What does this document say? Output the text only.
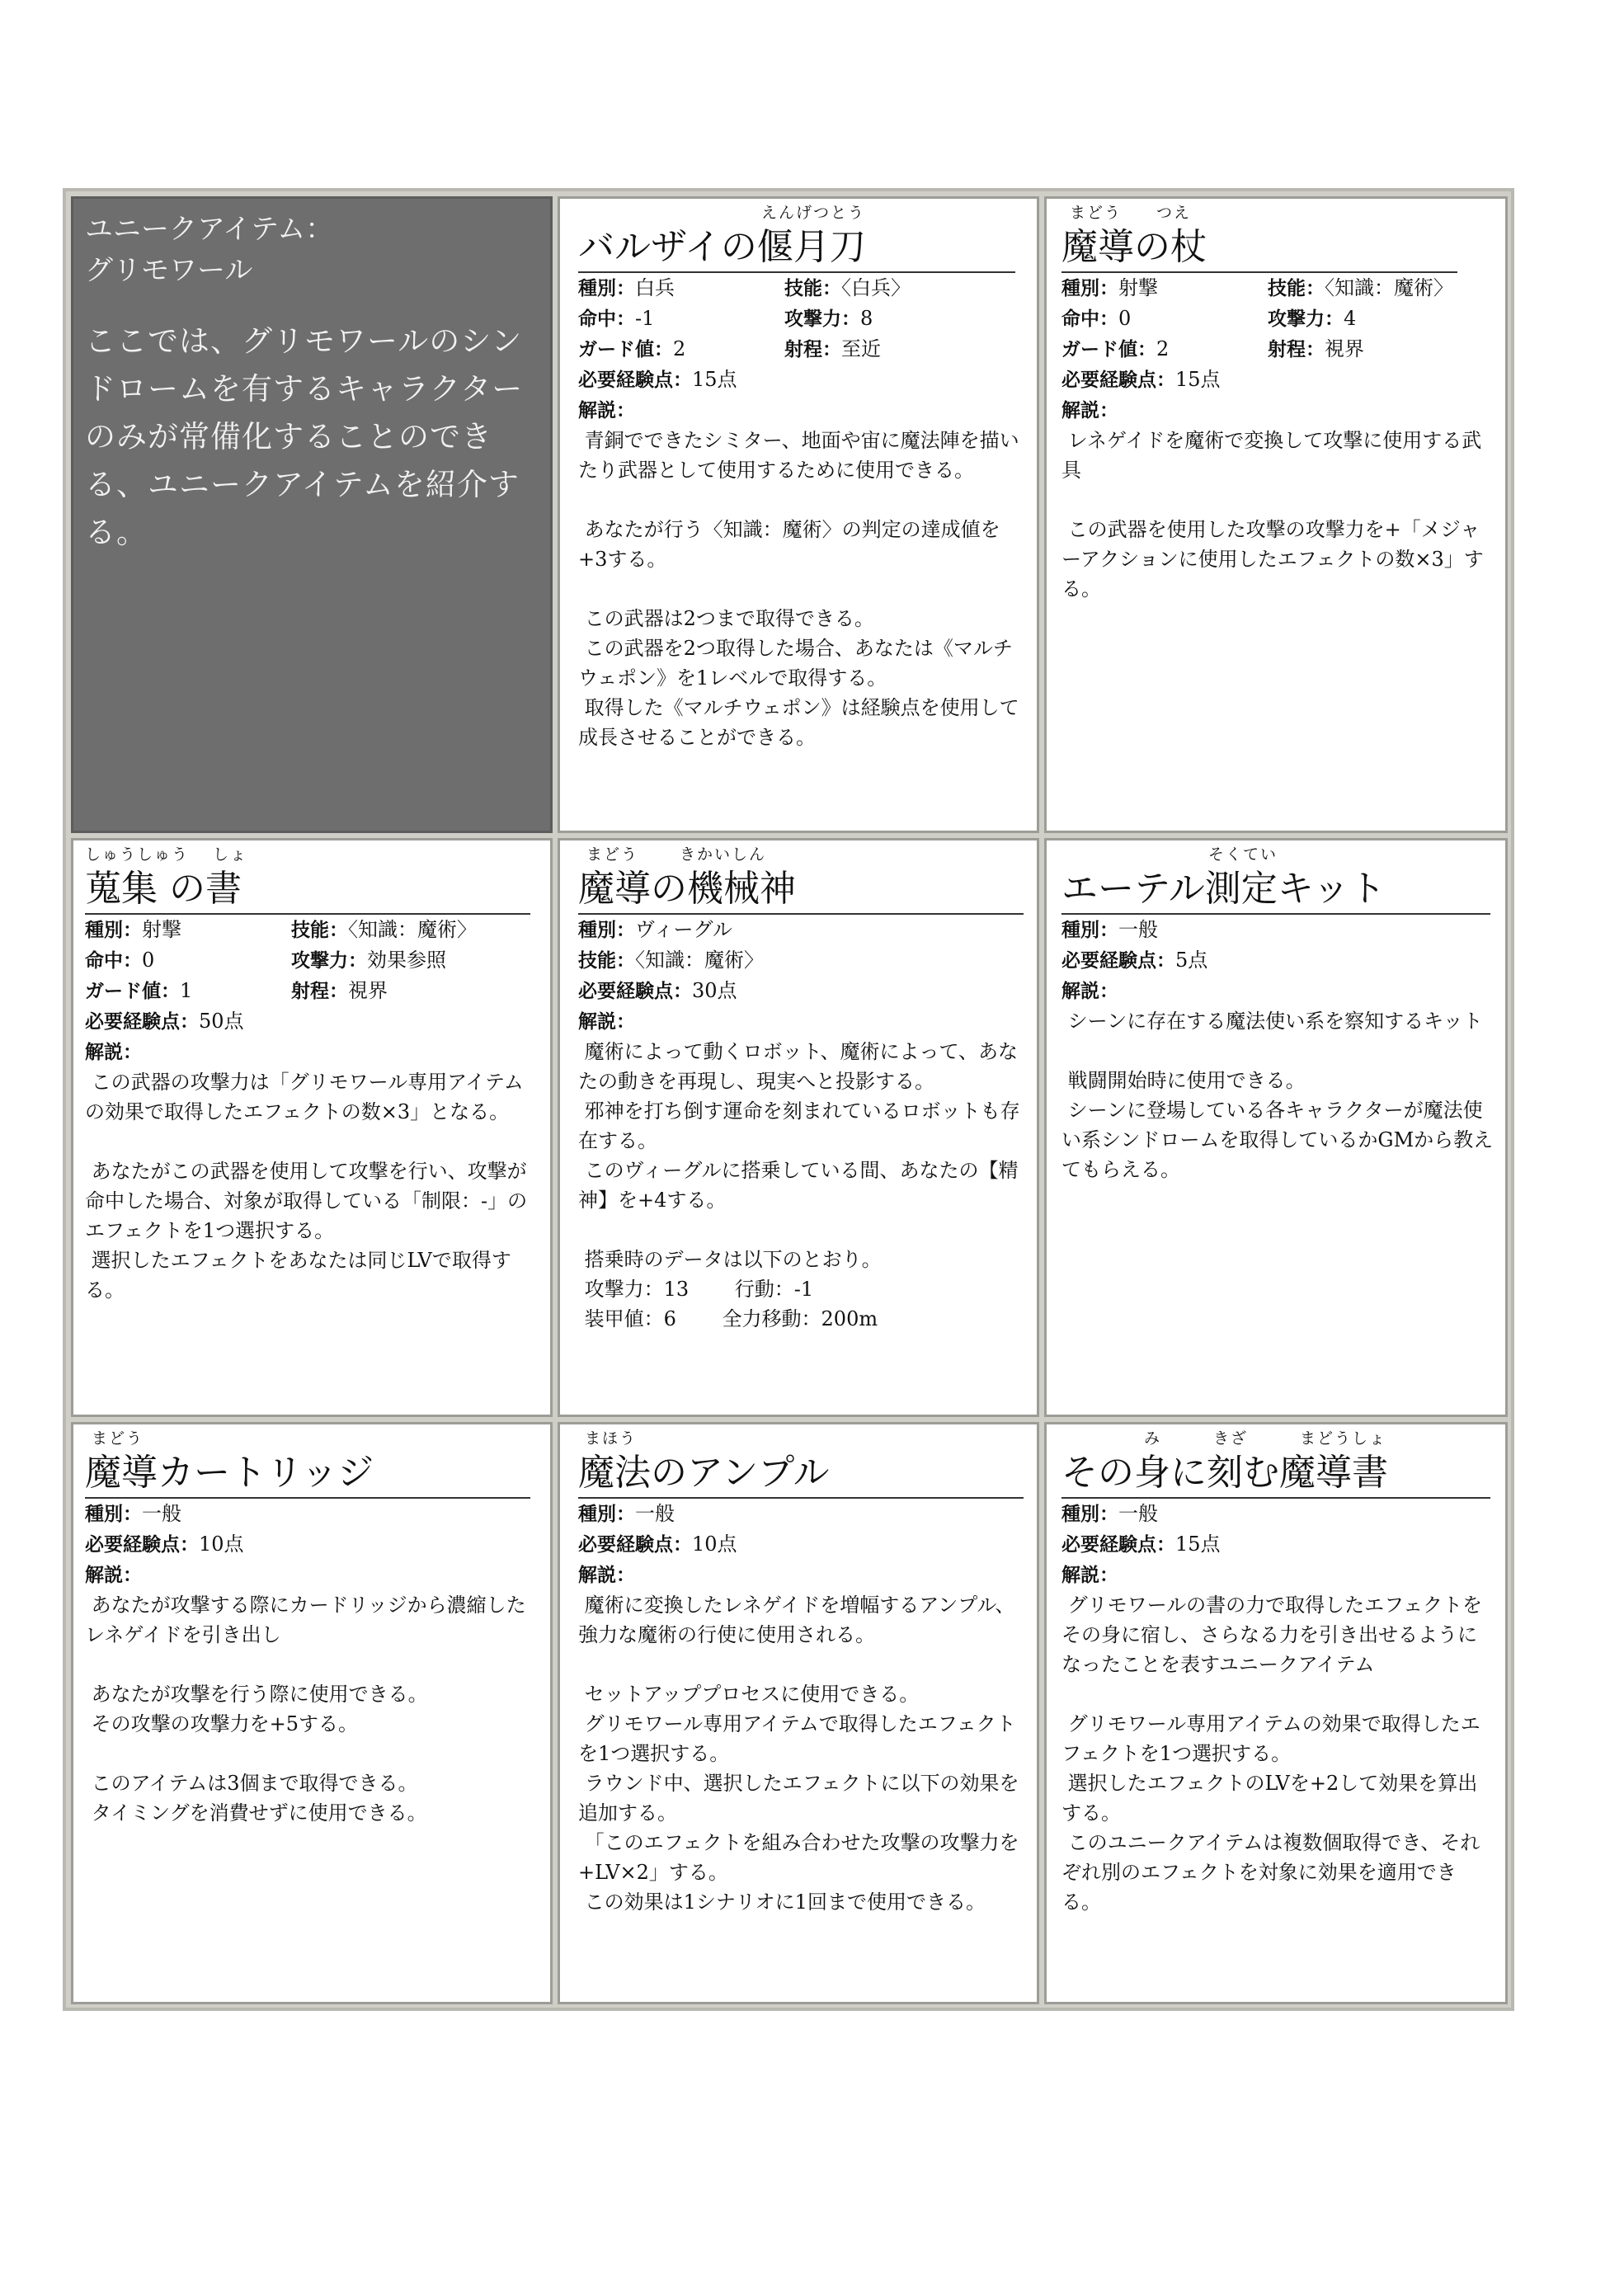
ユニークアイテム：
グリモワール
ここでは、グリモワールのシンドロームを有するキャラクターのみが常備化することのできる、ユニークアイテムを紹介する。
えんげつとう
バルザイの偃月刀
種別：白兵	技能：〈白兵〉
命中：-1	攻撃力：8
ガード値：2	射程：至近
必要経験点：15点
解説：
青銅でできたシミター、地面や宙に魔法陣を描いたり武器として使用するために使用できる。

あなたが行う〈知識：魔術〉の判定の達成値を+3する。

この武器は2つまで取得できる。
この武器を2つ取得した場合、あなたは《マルチウェポン》を1レベルで取得する。
取得した《マルチウェポン》は経験点を使用して成長させることができる。
まどう　　つえ
魔導の杖
種別：射撃	技能：〈知識：魔術〉
命中：0	攻撃力：4
ガード値：2	射程：視界
必要経験点：15点
解説：
レネゲイドを魔術で変換して攻撃に使用する武具

この武器を使用した攻撃の攻撃力を+「メジャーアクションに使用したエフェクトの数×3」する。
しゅうしゅう　 しょ
蒐集 の書
種別：射撃	技能：〈知識：魔術〉
命中：0	攻撃力：効果参照
ガード値：1	射程：視界
必要経験点：50点
解説：
この武器の攻撃力は「グリモワール専用アイテムの効果で取得したエフェクトの数×3」となる。

あなたがこの武器を使用して攻撃を行い、攻撃が命中した場合、対象が取得している「制限：-」のエフェクトを1つ選択する。
選択したエフェクトをあなたは同じLVで取得する。
まどう　　 きかいしん
魔導の機械神
種別：ヴィーグル
技能：〈知識：魔術〉
必要経験点：30点
解説：
魔術によって動くロボット、魔術によって、あなたの動きを再現し、現実へと投影する。
邪神を打ち倒す運命を刻まれているロボットも存在する。
このヴィーグルに搭乗している間、あなたの【精神】を+4する。

搭乗時のデータは以下のとおり。
攻撃力：13　　 行動：-1
装甲値：6　　 全力移動：200m
そくてい
エーテル測定キット
種別：一般
必要経験点：5点
解説：
シーンに存在する魔法使い系を察知するキット

戦闘開始時に使用できる。
シーンに登場している各キャラクターが魔法使い系シンドロームを取得しているかGMから教えてもらえる。
まどう
魔導カートリッジ
種別：一般
必要経験点：10点
解説：
あなたが攻撃する際にカードリッジから濃縮したレネゲイドを引き出し

あなたが攻撃を行う際に使用できる。
その攻撃の攻撃力を+5する。

このアイテムは3個まで取得できる。
タイミングを消費せずに使用できる。
まほう
魔法のアンプル
種別：一般
必要経験点：10点
解説：
魔術に変換したレネゲイドを増幅するアンプル、強力な魔術の行使に使用される。

セットアッププロセスに使用できる。
グリモワール専用アイテムで取得したエフェクトを1つ選択する。
ラウンド中、選択したエフェクトに以下の効果を追加する。
「このエフェクトを組み合わせた攻撃の攻撃力を+LV×2」する。
この効果は1シナリオに1回まで使用できる。
み　　　きざ　　　まどうしょ
その身に刻む魔導書
種別：一般
必要経験点：15点
解説：
グリモワールの書の力で取得したエフェクトをその身に宿し、さらなる力を引き出せるようになったことを表すユニークアイテム

グリモワール専用アイテムの効果で取得したエフェクトを1つ選択する。
選択したエフェクトのLVを+2して効果を算出する。
このユニークアイテムは複数個取得でき、それぞれ別のエフェクトを対象に効果を適用できる。
